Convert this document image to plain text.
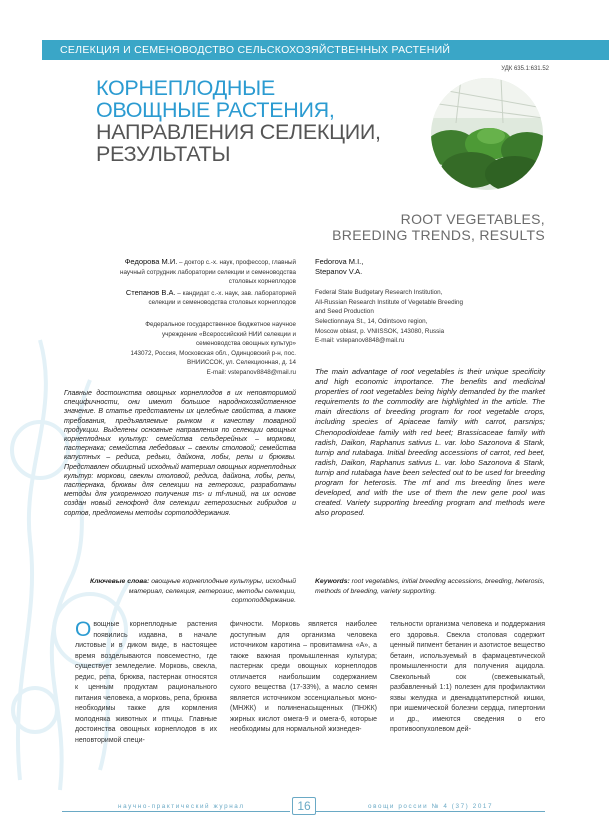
СЕЛЕКЦИЯ И СЕМЕНОВОДСТВО СЕЛЬСКОХОЗЯЙСТВЕННЫХ РАСТЕНИЙ
УДК 635.1:631.52
КОРНЕПЛОДНЫЕ
ОВОЩНЫЕ РАСТЕНИЯ,
НАПРАВЛЕНИЯ СЕЛЕКЦИИ,
РЕЗУЛЬТАТЫ
ROOT VEGETABLES,
BREEDING TRENDS, RESULTS
Федорова М.И. – доктор с.-х. наук, профессор, главный научный сотрудник лаборатории селекции и семеноводства столовых корнеплодов
Степанов В.А. – кандидат с.-х. наук, зав. лабораторией селекции и семеноводства столовых корнеплодов
Федеральное государственное бюджетное научное учреждение «Всероссийский НИИ селекции и семеноводства овощных культур»
143072, Россия, Московская обл., Одинцовский р-н, пос. ВНИИССОК, ул. Селекционная, д. 14
E-mail: vstepanov8848@mail.ru
Fedorova M.I.,
Stepanov V.A.
Federal State Budgetary Research Institution,
All-Russian Research Institute of Vegetable Breeding
and Seed Production
Selectionnaya St., 14, Odintsovo region,
Moscow oblast, p. VNIISSOK, 143080, Russia
E-mail: vstepanov8848@mail.ru
Главные достоинства овощных корнеплодов в их неповторимой специфичности, они имеют большое народнохозяйственное значение. В статье представлены их целебные свойства, а также требования, предъявляемые рынком к качеству товарной продукции. Выделены основные направления по селекции овощных корнеплодных культур: семейства сельдерейных – моркови, пастернака; семейства лебедовых – свеклы столовой; семейства капустных – редиса, редьки, дайкона, лобы, репы и брюквы. Представлен обширный исходный материал овощных корнеплодных культур: моркови, свеклы столовой, редиса, дайкона, лобы, репы, пастернака, брюквы для селекции на гетерозис, разработаны методы для ускоренного получения ms- и mf-линий, на их основе создан новый генофонд для селекции гетерозисных гибридов и сортов, предложены методы сортоподдержания.
The main advantage of root vegetables is their unique specificity and high economic importance. The benefits and medicinal properties of root vegetables being highly demanded by the market requirements to the commodity are highlighted in the article. The main directions of breeding program for root vegetable crops, including species of Apiaceae family with carrot, parsnips; Chenopodioideae family with red beet; Brassicaceae family with radish, Daikon, Raphanus sativus L. var. lobo Sazonova & Stank, turnip and rutabaga. Initial breeding accessions of carrot, red beet, radish, Daikon, Raphanus sativus L. var. lobo Sazonova & Stank, turnip and rutabaga have been selected out to be used for breeding program for heterosis. The mf and ms breeding lines were developed, and with the use of them the new gene pool was created. Variety supporting breeding program and methods were also proposed.
Ключевые слова: овощные корнеплодные культуры, исходный материал, селекция, гетерозис, методы селекции, сортоподдержание.
Keywords: root vegetables, initial breeding accessions, breeding, heterosis, methods of breeding, variety supporting.
Овощные корнеплодные растения появились издавна, в начале листовые и в диком виде, в настоящее время возделываются повсеместно, где существует земледелие. Морковь, свекла, редис, репа, брюква, пастернак относятся к ценным продуктам рационального питания человека, а морковь, репа, брюква необходимы также для кормления молодняка животных и птицы. Главные достоинства овощных корнеплодов в их неповторимой специ-
фичности. Морковь является наиболее доступным для организма человека источником каротина – провитамина «А», а также важная промышленная культура; пастернак среди овощных корнеплодов отличается наибольшим содержанием сухого вещества (17-33%), а масло семян является источником эссенциальных моно- (МНЖК) и полиненасыщенных (ПНЖК) жирных кислот омега-9 и омега-6, которые необходимы для нормальной жизнедея-
тельности организма человека и поддержания его здоровья. Свекла столовая содержит ценный пигмент бетанин и азотистое вещество бетаин, используемый в фармацевтической промышленности для получения ацидола. Свекольный сок (свежевыжатый, разбавленный 1:1) полезен для профилактики язвы желудка и двенадцатиперстной кишки, при ишемической болезни сердца, гипертонии и др., имеются сведения о его противоопухолевом дей-
научно-практический журнал	16	овощи россии № 4 (37) 2017
